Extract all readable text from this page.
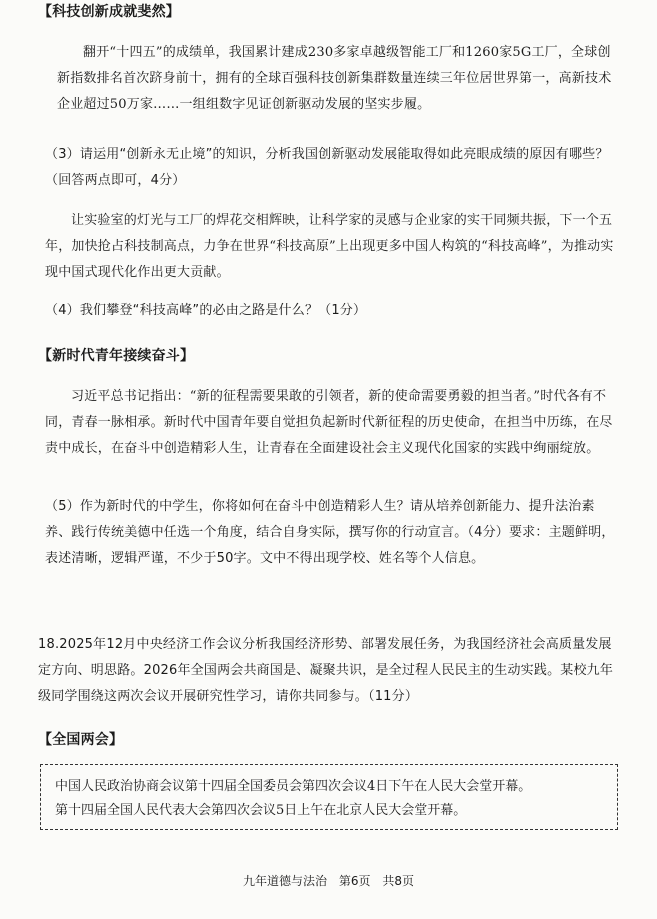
【科技创新成就斐然】
翻开“十四五”的成绩单，我国累计建成230多家卓越级智能工厂和1260家5G工厂，全球创新指数排名首次跻身前十，拥有的全球百强科技创新集群数量连续三年位居世界第一，高新技术企业超过50万家……一组组数字见证创新驱动发展的坚实步履。
（3）请运用“创新永无止境”的知识，分析我国创新驱动发展能取得如此亮眼成绩的原因有哪些？（回答两点即可，4分）
让实验室的灯光与工厂的焊花交相辉映，让科学家的灵感与企业家的实干同频共振，下一个五年，加快抢占科技制高点，力争在世界“科技高原”上出现更多中国人构筑的“科技高峰”，为推动实现中国式现代化作出更大贡献。
（4）我们攀登“科技高峰”的必由之路是什么？（1分）
【新时代青年接续奋斗】
习近平总书记指出：“新的征程需要果敢的引领者，新的使命需要勇毅的担当者。”时代各有不同，青春一脉相承。新时代中国青年要自觉担负起新时代新征程的历史使命，在担当中历练，在尽责中成长，在奋斗中创造精彩人生，让青春在全面建设社会主义现代化国家的实践中绚丽绽放。
（5）作为新时代的中学生，你将如何在奋斗中创造精彩人生？请从培养创新能力、提升法治素养、践行传统美德中任选一个角度，结合自身实际，撰写你的行动宣言。（4分）要求：主题鲜明，表述清晰，逻辑严谨，不少于50字。文中不得出现学校、姓名等个人信息。
18.2025年12月中央经济工作会议分析我国经济形势、部署发展任务，为我国经济社会高质量发展定方向、明思路。2026年全国两会共商国是、凝聚共识，是全过程人民民主的生动实践。某校九年级同学围绕这两次会议开展研究性学习，请你共同参与。（11分）
【全国两会】
中国人民政治协商会议第十四届全国委员会第四次会议4日下午在人民大会堂开幕。
第十四届全国人民代表大会第四次会议5日上午在北京人民大会堂开幕。
九年道德与法治 第6页 共8页
